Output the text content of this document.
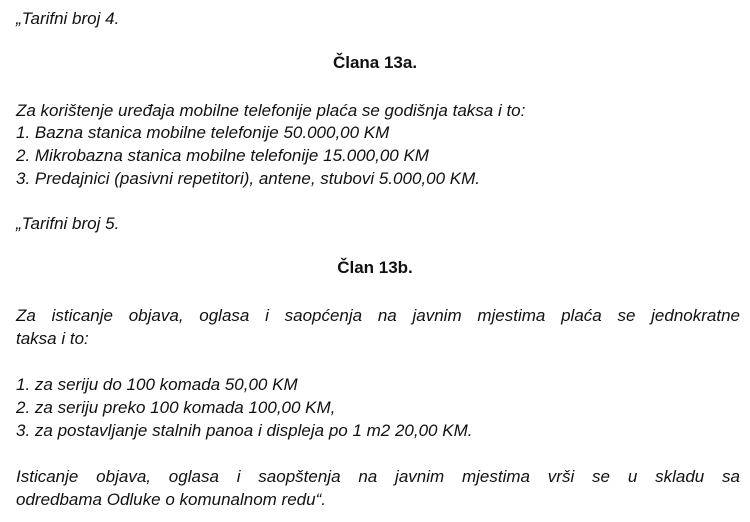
„Tarifni broj 4.
Člana 13a.
Za korištenje uređaja mobilne telefonije plaća se godišnja taksa i to:
1. Bazna stanica mobilne telefonije 50.000,00 KM
2. Mikrobazna stanica mobilne telefonije 15.000,00 KM
3. Predajnici (pasivni repetitori), antene, stubovi 5.000,00 KM.
„Tarifni broj 5.
Član 13b.
Za isticanje objava, oglasa i saopćenja na javnim mjestima plaća se jednokratne
taksa i to:
1. za seriju do 100 komada 50,00 KM
2. za seriju preko 100 komada 100,00 KM,
3. za postavljanje stalnih panoa i displeja po 1 m2 20,00 KM.
Isticanje objava, oglasa i saopštenja na javnim mjestima vrši se u skladu sa
odredbama Odluke o komunalnom redu“.
